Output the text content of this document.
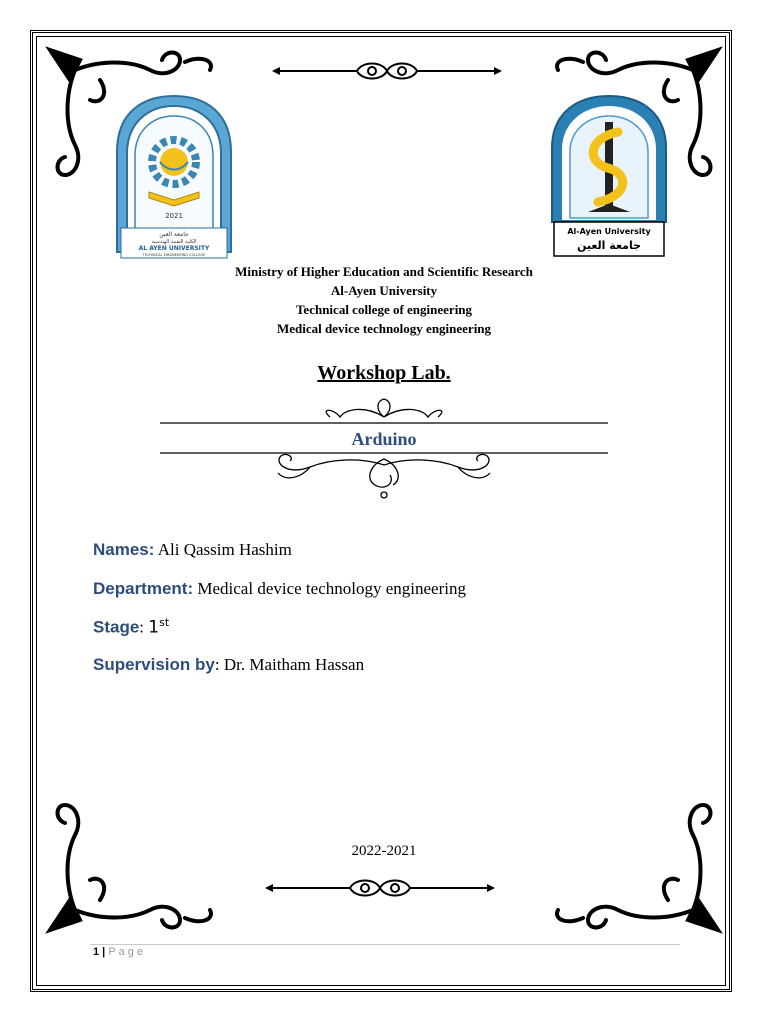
2021
جامعة العين
الكلية التقنية الهندسية
AL AYEN UNIVERSITY
TECHNICAL ENGINEERING COLLEGE
Al-Ayen University
جامعة العين
Ministry of Higher Education and Scientific Research
Al-Ayen University
Technical college of engineering
Medical device technology engineering
Workshop Lab.
Arduino
Names: Ali Qassim Hashim
Department: Medical device technology engineering
Stage: 1st
Supervision by: Dr. Maitham Hassan
2022-2021
1 | Page
